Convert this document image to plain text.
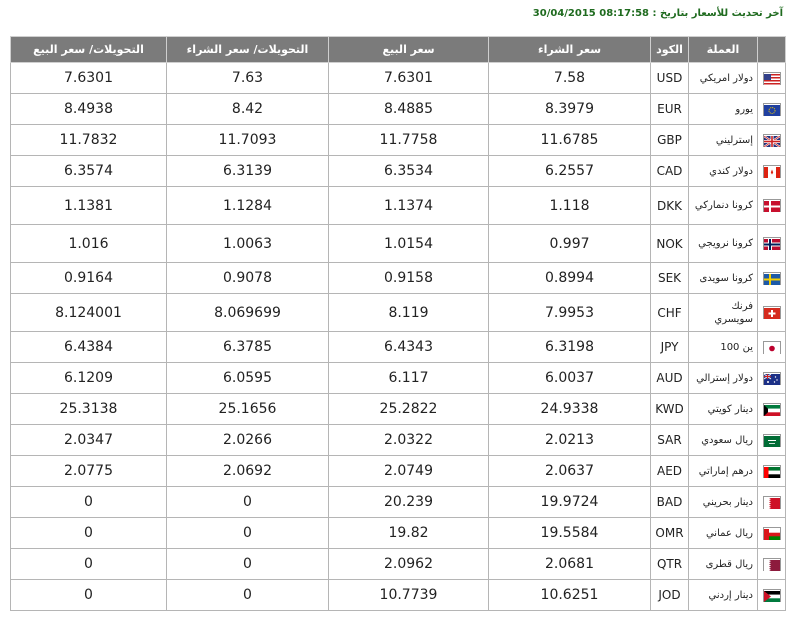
آخر تحديث للأسعار بتاريخ : 30/04/2015 08:17:58
	العملة	الكود	سعر الشراء	سعر البيع	التحويلات/ سعر الشراء	التحويلات/ سعر البيع
	دولار امريكي	USD	7.58	7.6301	7.63	7.6301
	يورو	EUR	8.3979	8.4885	8.42	8.4938
	إسترليني	GBP	11.6785	11.7758	11.7093	11.7832
	دولار كندي	CAD	6.2557	6.3534	6.3139	6.3574
	كرونا دنماركي	DKK	1.118	1.1374	1.1284	1.1381
	كرونا نرويجي	NOK	0.997	1.0154	1.0063	1.016
	كرونا سويدى	SEK	0.8994	0.9158	0.9078	0.9164
	فرنك سويسري	CHF	7.9953	8.119	8.069699	8.124001
	ين 100	JPY	6.3198	6.4343	6.3785	6.4384
	دولار إسترالي	AUD	6.0037	6.117	6.0595	6.1209
	دينار كويتي	KWD	24.9338	25.2822	25.1656	25.3138
	ريال سعودي	SAR	2.0213	2.0322	2.0266	2.0347
	درهم إماراتي	AED	2.0637	2.0749	2.0692	2.0775
	دينار بحريني	BAD	19.9724	20.239	0	0
	ريال عماني	OMR	19.5584	19.82	0	0
	ريال قطرى	QTR	2.0681	2.0962	0	0
	دينار إردني	JOD	10.6251	10.7739	0	0
